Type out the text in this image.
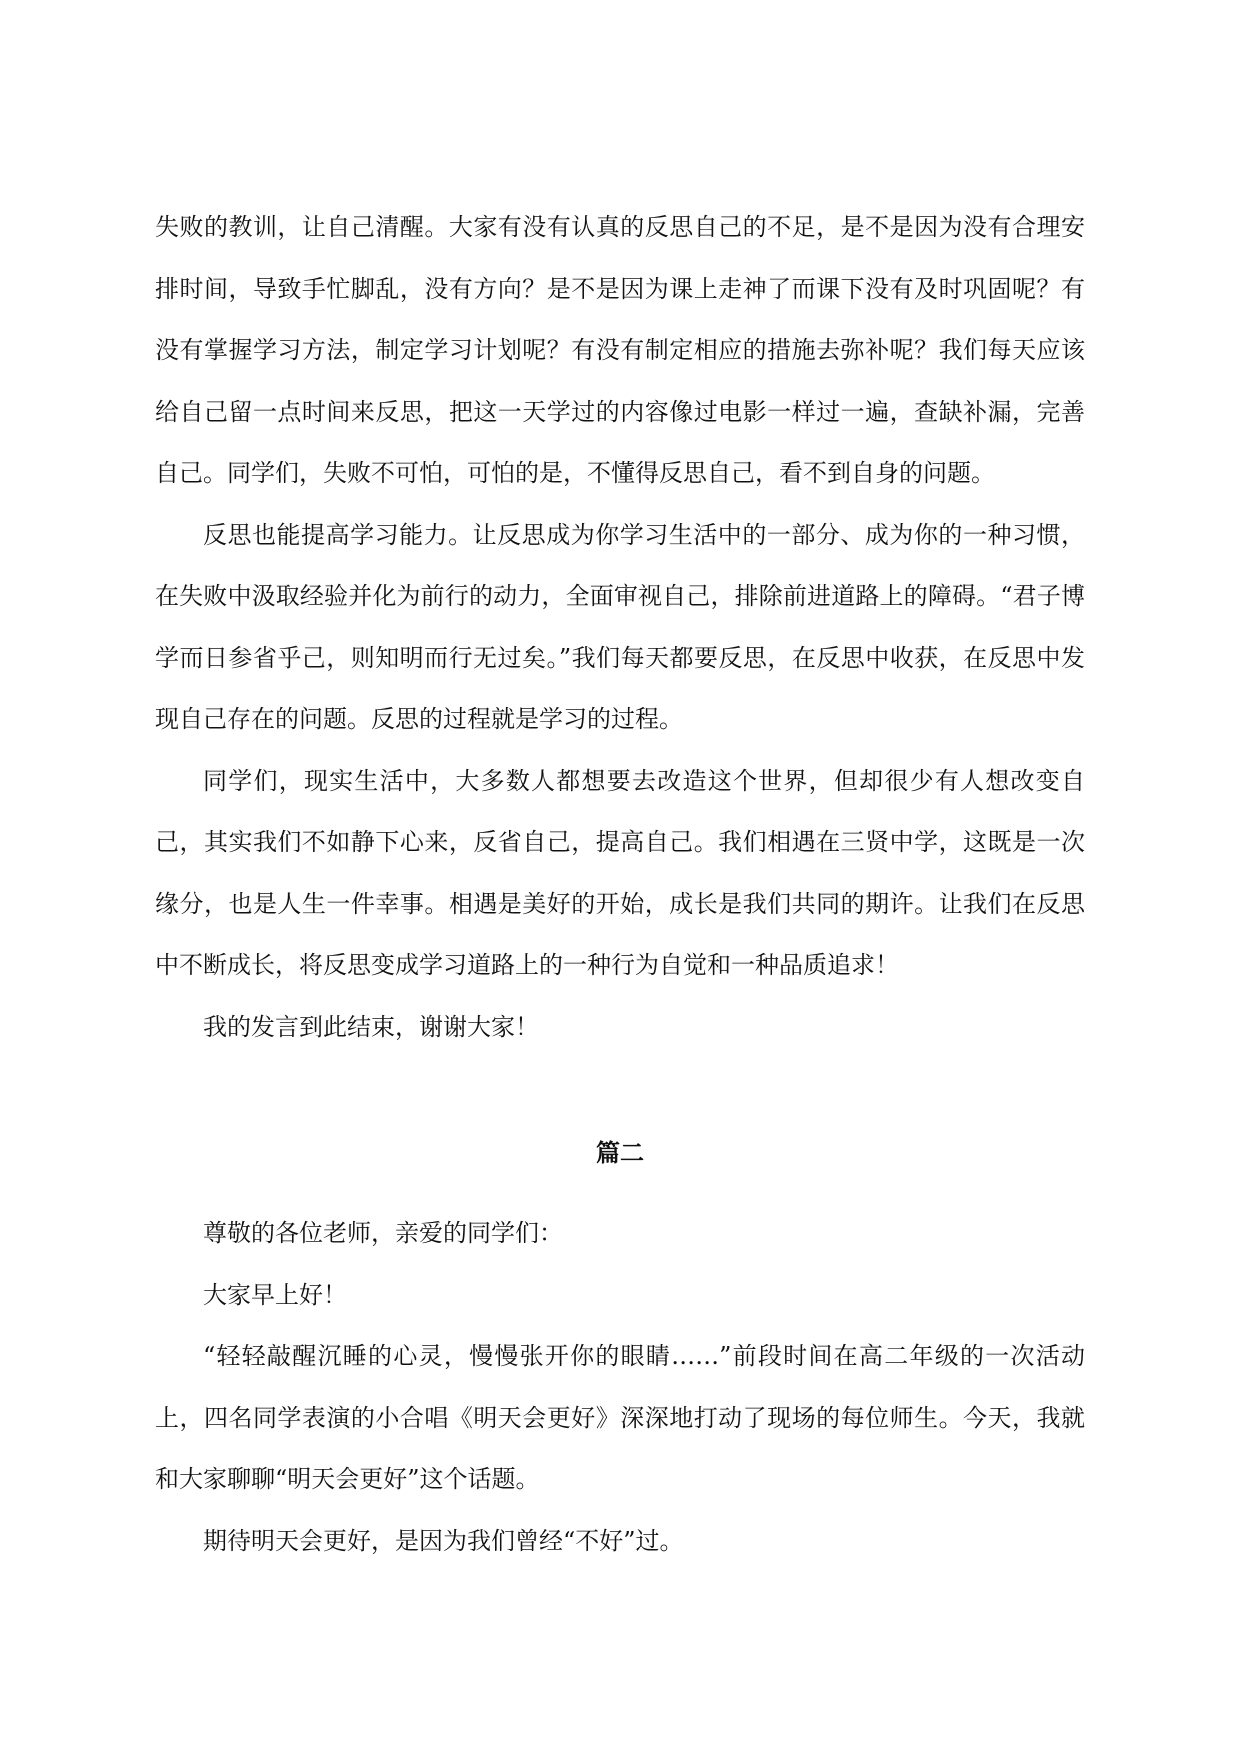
失败的教训，让自己清醒。大家有没有认真的反思自己的不足，是不是因为没有合理安排时间，导致手忙脚乱，没有方向？是不是因为课上走神了而课下没有及时巩固呢？有没有掌握学习方法，制定学习计划呢？有没有制定相应的措施去弥补呢？我们每天应该给自己留一点时间来反思，把这一天学过的内容像过电影一样过一遍，查缺补漏，完善自己。同学们，失败不可怕，可怕的是，不懂得反思自己，看不到自身的问题。

反思也能提高学习能力。让反思成为你学习生活中的一部分、成为你的一种习惯，在失败中汲取经验并化为前行的动力，全面审视自己，排除前进道路上的障碍。“君子博学而日参省乎己，则知明而行无过矣。”我们每天都要反思，在反思中收获，在反思中发现自己存在的问题。反思的过程就是学习的过程。

同学们，现实生活中，大多数人都想要去改造这个世界，但却很少有人想改变自己，其实我们不如静下心来，反省自己，提高自己。我们相遇在三贤中学，这既是一次缘分，也是人生一件幸事。相遇是美好的开始，成长是我们共同的期许。让我们在反思中不断成长，将反思变成学习道路上的一种行为自觉和一种品质追求！

我的发言到此结束，谢谢大家！

篇二

尊敬的各位老师，亲爱的同学们：

大家早上好！

“轻轻敲醒沉睡的心灵，慢慢张开你的眼睛……”前段时间在高二年级的一次活动上，四名同学表演的小合唱《明天会更好》深深地打动了现场的每位师生。今天，我就和大家聊聊“明天会更好”这个话题。

期待明天会更好，是因为我们曾经“不好”过。
